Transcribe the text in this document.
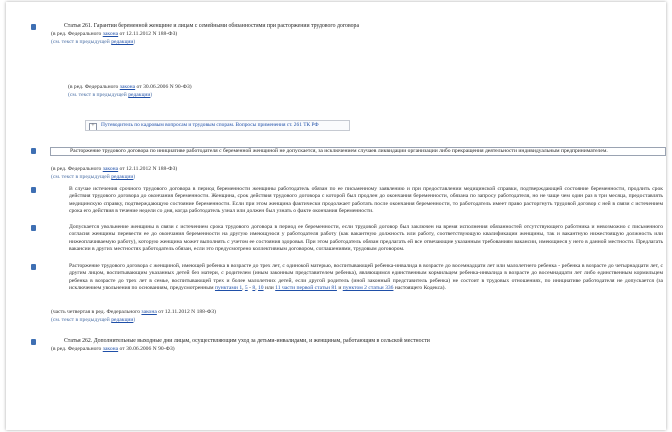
Статья 261. Гарантии беременной женщине и лицам с семейными обязанностями при расторжении трудового договора
(в ред. Федерального закона от 12.11.2012 N 188-ФЗ)
(см. текст в предыдущей редакции)
(в ред. Федерального закона от 30.06.2006 N 90-ФЗ)
(см. текст в предыдущей редакции)
+	Путеводитель по кадровым вопросам и трудовым спорам. Вопросы применения ст. 261 ТК РФ
Расторжение трудового договора по инициативе работодателя с беременной женщиной не допускается, за исключением случаев ликвидации организации либо прекращения деятельности индивидуальным предпринимателем.
(в ред. Федерального закона от 12.11.2012 N 188-ФЗ)
(см. текст в предыдущей редакции)
В случае истечения срочного трудового договора в период беременности женщины работодатель обязан по ее письменному заявлению и при предоставлении медицинской справки, подтверждающей состояние беременности, продлить срок действия трудового договора до окончания беременности. Женщина, срок действия трудового договора с которой был продлен до окончания беременности, обязана по запросу работодателя, но не чаще чем один раз в три месяца, предоставлять медицинскую справку, подтверждающую состояние беременности. Если при этом женщина фактически продолжает работать после окончания беременности, то работодатель имеет право расторгнуть трудовой договор с ней в связи с истечением срока его действия в течение недели со дня, когда работодатель узнал или должен был узнать о факте окончания беременности.
Допускается увольнение женщины в связи с истечением срока трудового договора в период ее беременности, если трудовой договор был заключен на время исполнения обязанностей отсутствующего работника и невозможно с письменного согласия женщины перевести ее до окончания беременности на другую имеющуюся у работодателя работу (как вакантную должность или работу, соответствующую квалификации женщины, так и вакантную нижестоящую должность или нижеоплачиваемую работу), которую женщина может выполнять с учетом ее состояния здоровья. При этом работодатель обязан предлагать ей все отвечающие указанным требованиям вакансии, имеющиеся у него в данной местности. Предлагать вакансии в других местностях работодатель обязан, если это предусмотрено коллективным договором, соглашениями, трудовым договором.
Расторжение трудового договора с женщиной, имеющей ребенка в возрасте до трех лет, с одинокой матерью, воспитывающей ребенка-инвалида в возрасте до восемнадцати лет или малолетнего ребенка - ребенка в возрасте до четырнадцати лет, с другим лицом, воспитывающим указанных детей без матери, с родителем (иным законным представителем ребенка), являющимся единственным кормильцем ребенка-инвалида в возрасте до восемнадцати лет либо единственным кормильцем ребенка в возрасте до трех лет в семье, воспитывающей трех и более малолетних детей, если другой родитель (иной законный представитель ребенка) не состоит в трудовых отношениях, по инициативе работодателя не допускается (за исключением увольнения по основаниям, предусмотренным пунктами 1, 5 - 8, 10 или 11 части первой статьи 81 и пунктом 2 статьи 336 настоящего Кодекса).
(часть четвертая в ред. Федерального закона от 12.11.2012 N 188-ФЗ)
(см. текст в предыдущей редакции)
Статья 262. Дополнительные выходные дни лицам, осуществляющим уход за детьми-инвалидами, и женщинам, работающим в сельской местности
(в ред. Федерального закона от 30.06.2006 N 90-ФЗ)
